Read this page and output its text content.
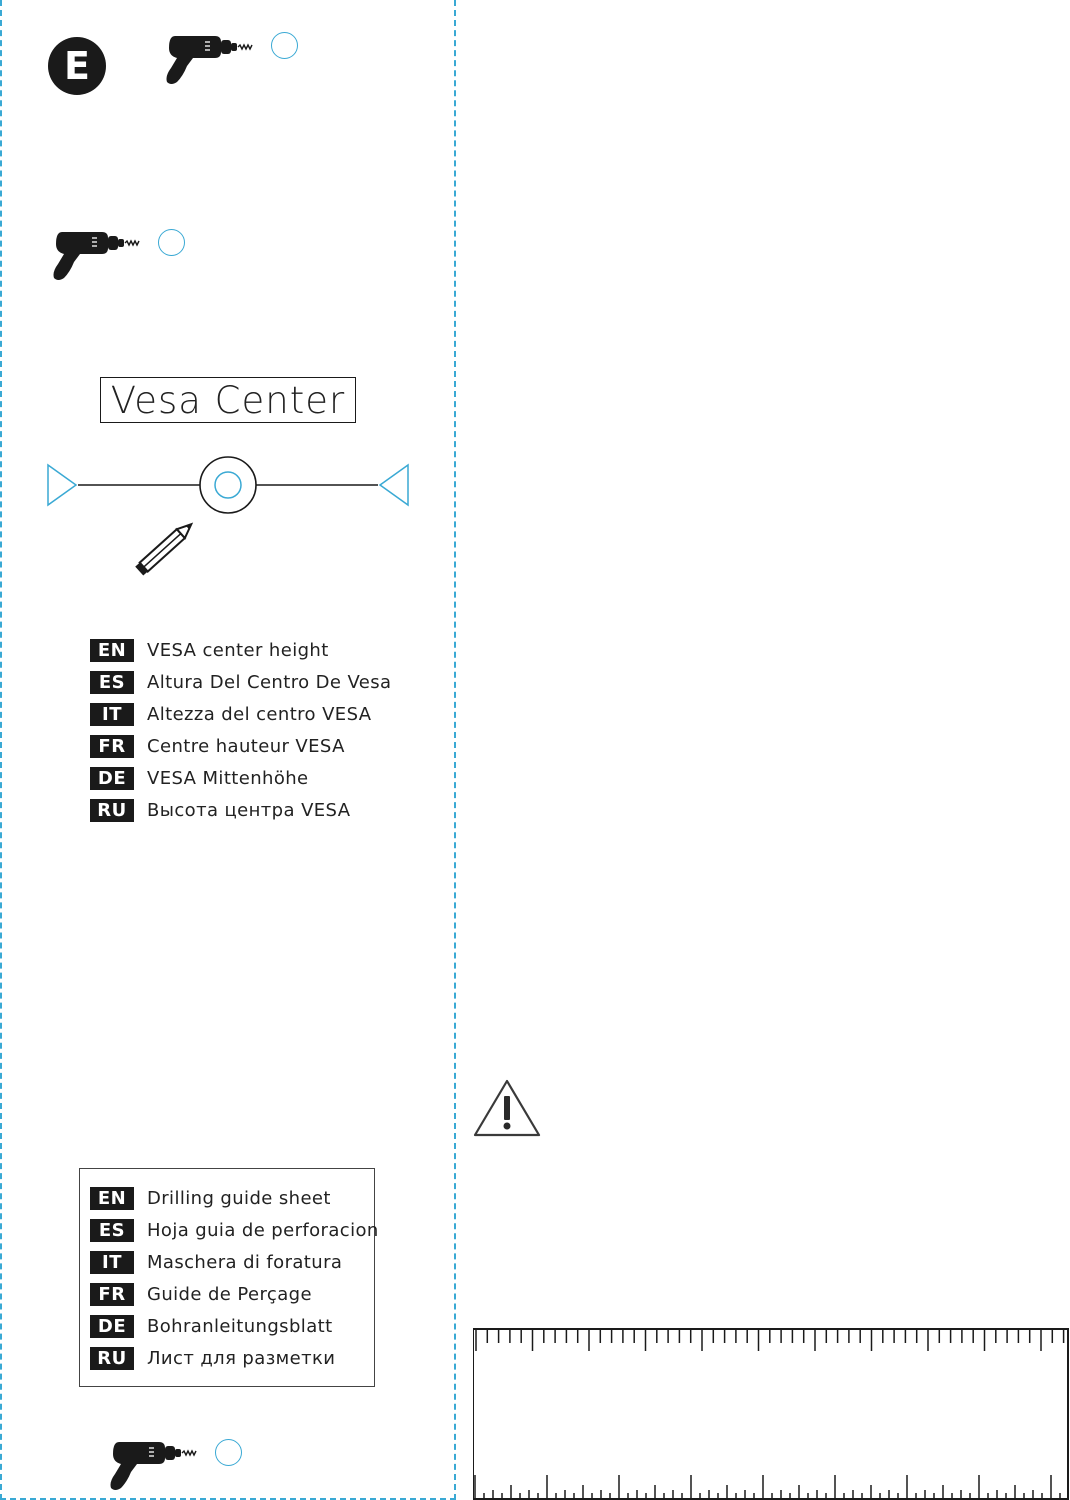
E
Vesa Center
EN	VESA center height
ES	Altura Del Centro De Vesa
IT	Altezza del centro VESA
FR	Centre hauteur VESA
DE	VESA Mittenhöhe
RU	Высота центра VESA
EN	Drilling guide sheet
ES	Hoja guia de perforacion
IT	Maschera di foratura
FR	Guide de Perçage
DE	Bohranleitungsblatt
RU	Лист для разметки
